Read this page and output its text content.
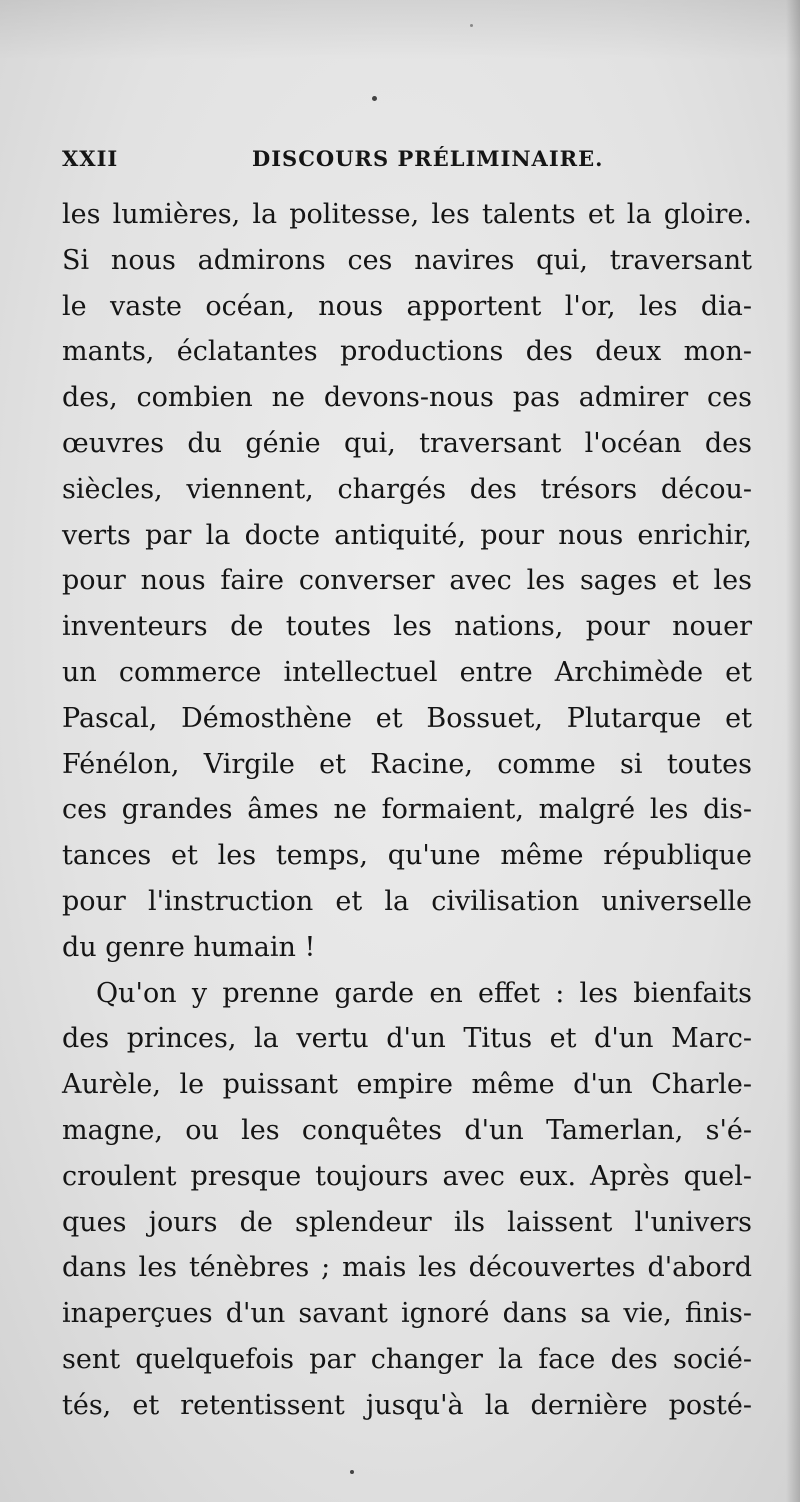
XXII	DISCOURS PRÉLIMINAIRE.
les lumières, la politesse, les talents et la gloire.
Si nous admirons ces navires qui, traversant
le vaste océan, nous apportent l'or, les dia-
mants, éclatantes productions des deux mon-
des, combien ne devons-nous pas admirer ces
œuvres du génie qui, traversant l'océan des
siècles, viennent, chargés des trésors décou-
verts par la docte antiquité, pour nous enrichir,
pour nous faire converser avec les sages et les
inventeurs de toutes les nations, pour nouer
un commerce intellectuel entre Archimède et
Pascal, Démosthène et Bossuet, Plutarque et
Fénélon, Virgile et Racine, comme si toutes
ces grandes âmes ne formaient, malgré les dis-
tances et les temps, qu'une même république
pour l'instruction et la civilisation universelle
du genre humain !
Qu'on y prenne garde en effet : les bienfaits
des princes, la vertu d'un Titus et d'un Marc-
Aurèle, le puissant empire même d'un Charle-
magne, ou les conquêtes d'un Tamerlan, s'é-
croulent presque toujours avec eux. Après quel-
ques jours de splendeur ils laissent l'univers
dans les ténèbres ; mais les découvertes d'abord
inaperçues d'un savant ignoré dans sa vie, finis-
sent quelquefois par changer la face des socié-
tés, et retentissent jusqu'à la dernière posté-
